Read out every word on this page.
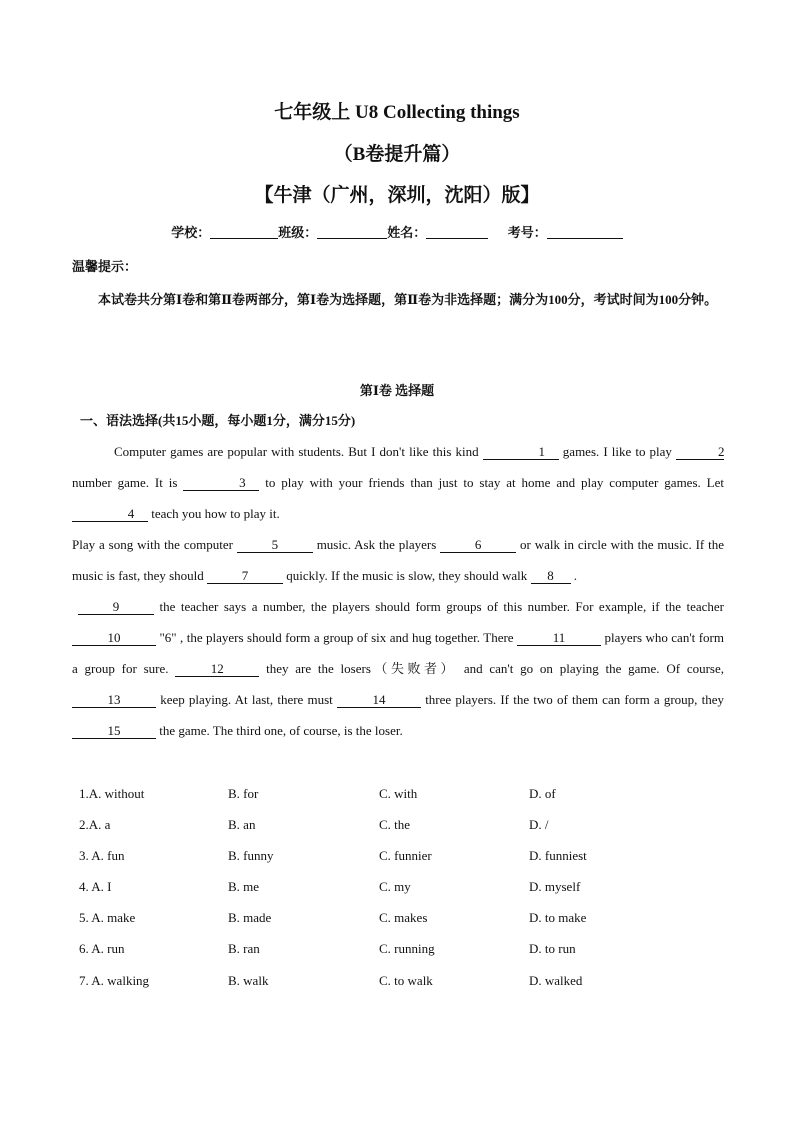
七年级上 U8 Collecting things
（B卷提升篇）
【牛津（广州，深圳，沈阳）版】
学校：	班级：	姓名：	考号：
温馨提示：
本试卷共分第Ⅰ卷和第Ⅱ卷两部分，第Ⅰ卷为选择题，第Ⅱ卷为非选择题；满分为100分，考试时间为100分钟。
第Ⅰ卷 选择题
一、语法选择(共15小题，每小题1分，满分15分)

Computer games are popular with students. But I don't like this kind	1 games. I like to play	2 number game. It is	3 to play with your friends than just to stay at home and play computer games. Let 4 teach you how to play it.

Play a song with the computer	5	music. Ask the players	6	or walk in circle with the music. If the music is fast, they should	7	quickly. If the music is slow, they should walk 8 .

9	the teacher says a number, the players should form groups of this number. For example, if the teacher 10	"6" , the players should form a group of six and hug together. There	11	players who can't form a group for sure.	12	they are the losers（失败者） and can't go on playing the game. Of course, 13	keep playing. At last, there must	14	three players. If the two of them can form a group, they 15	the game. The third one, of course, is the loser.

1.A. without	B. for	C. with	D. of
2.A. a	B. an	C. the	D. /
3. A. fun	B. funny	C. funnier	D. funniest
4. A. I	B. me	C. my	D. myself
5. A. make	B. made	C. makes	D. to make
6. A. run	B. ran	C. running	D. to run
7. A. walking	B. walk	C. to walk	D. walked
